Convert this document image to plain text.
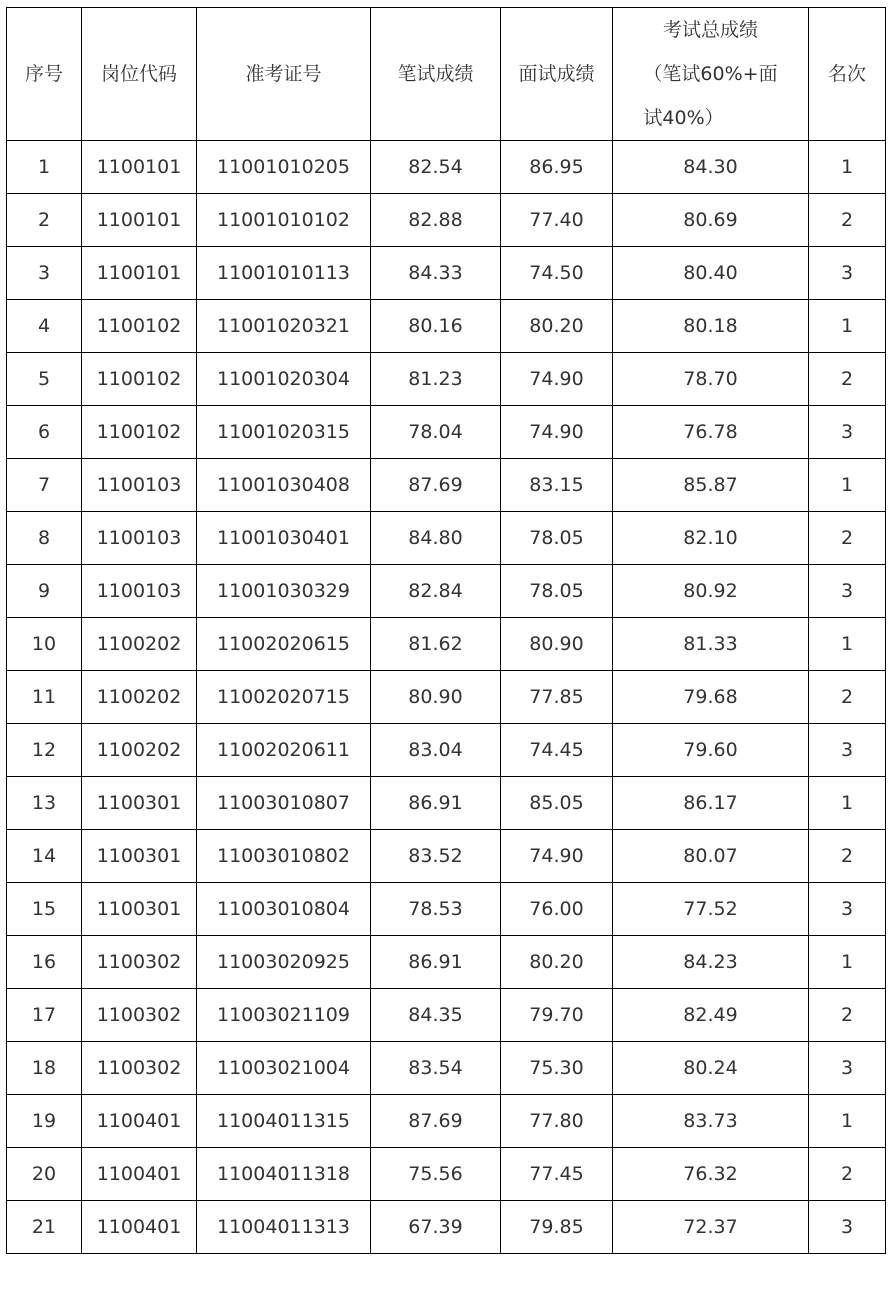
序号	岗位代码	准考证号	笔试成绩	面试成绩	考试总成绩
（笔试60%+面
试40%）	名次
1	1100101	11001010205	82.54	86.95	84.30	1
2	1100101	11001010102	82.88	77.40	80.69	2
3	1100101	11001010113	84.33	74.50	80.40	3
4	1100102	11001020321	80.16	80.20	80.18	1
5	1100102	11001020304	81.23	74.90	78.70	2
6	1100102	11001020315	78.04	74.90	76.78	3
7	1100103	11001030408	87.69	83.15	85.87	1
8	1100103	11001030401	84.80	78.05	82.10	2
9	1100103	11001030329	82.84	78.05	80.92	3
10	1100202	11002020615	81.62	80.90	81.33	1
11	1100202	11002020715	80.90	77.85	79.68	2
12	1100202	11002020611	83.04	74.45	79.60	3
13	1100301	11003010807	86.91	85.05	86.17	1
14	1100301	11003010802	83.52	74.90	80.07	2
15	1100301	11003010804	78.53	76.00	77.52	3
16	1100302	11003020925	86.91	80.20	84.23	1
17	1100302	11003021109	84.35	79.70	82.49	2
18	1100302	11003021004	83.54	75.30	80.24	3
19	1100401	11004011315	87.69	77.80	83.73	1
20	1100401	11004011318	75.56	77.45	76.32	2
21	1100401	11004011313	67.39	79.85	72.37	3
